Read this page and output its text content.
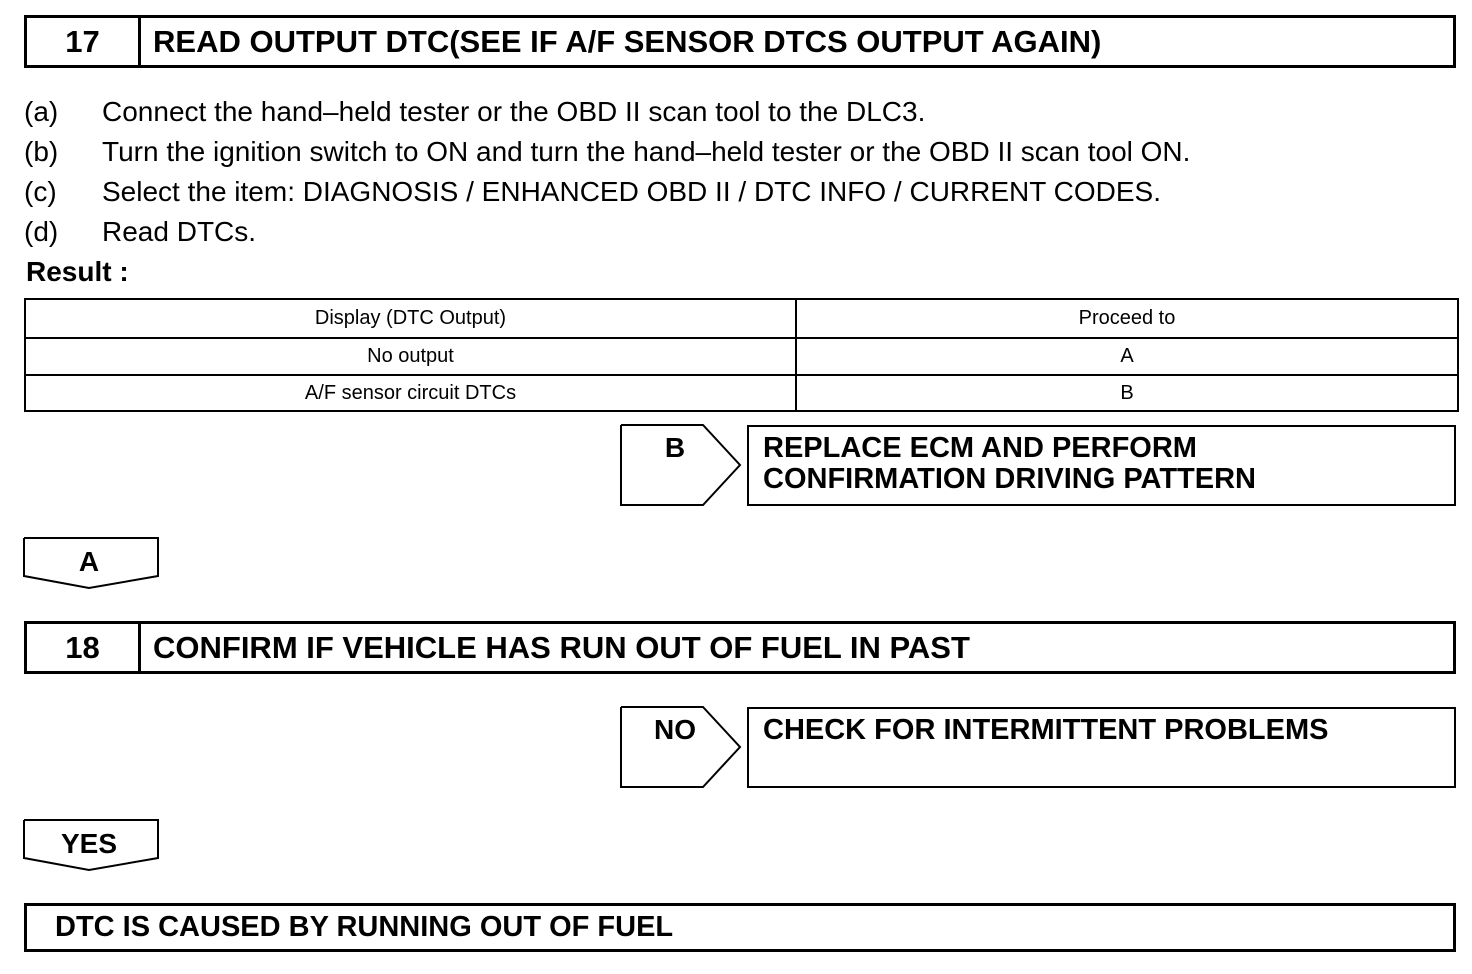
17	READ OUTPUT DTC(SEE IF A/F SENSOR DTCS OUTPUT AGAIN)
(a) Connect the hand–held tester or the OBD II scan tool to the DLC3.
(b) Turn the ignition switch to ON and turn the hand–held tester or the OBD II scan tool ON.
(c) Select the item: DIAGNOSIS / ENHANCED OBD II / DTC INFO / CURRENT CODES.
(d) Read DTCs.
Result :
Display (DTC Output)	Proceed to
No output	A
A/F sensor circuit DTCs	B
B	REPLACE ECM AND PERFORM
CONFIRMATION DRIVING PATTERN
A
18	CONFIRM IF VEHICLE HAS RUN OUT OF FUEL IN PAST
NO	CHECK FOR INTERMITTENT PROBLEMS
YES
DTC IS CAUSED BY RUNNING OUT OF FUEL
